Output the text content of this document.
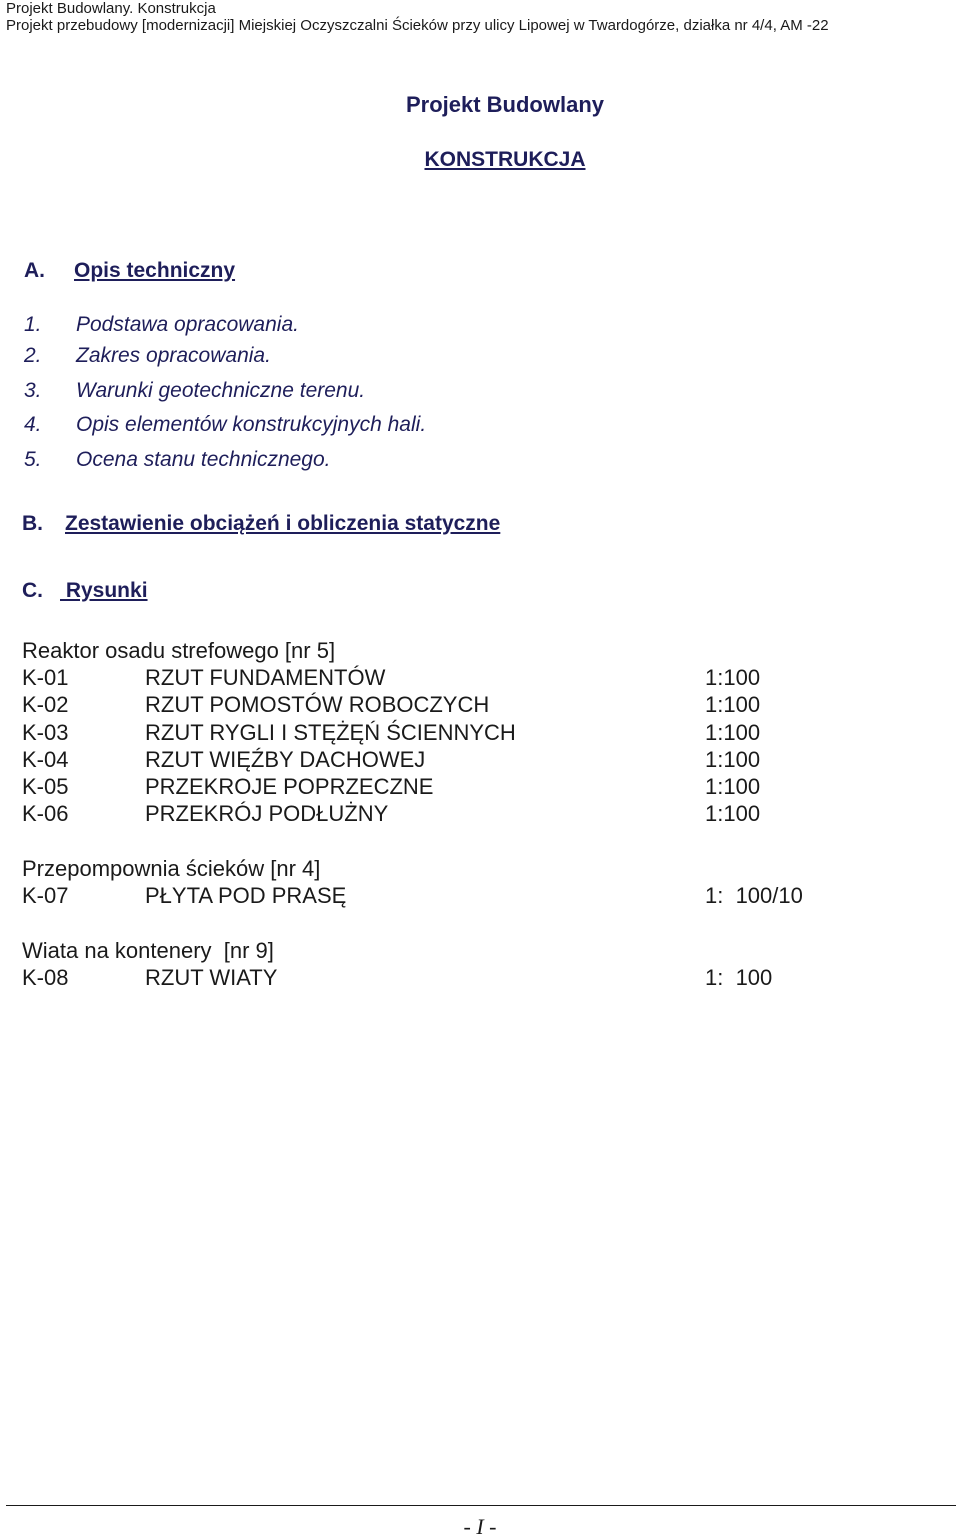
Projekt Budowlany. Konstrukcja
Projekt przebudowy [modernizacji] Miejskiej Oczyszczalni Ścieków przy ulicy Lipowej w Twardogórze, działka nr 4/4, AM -22
Projekt Budowlany
KONSTRUKCJA
A. Opis techniczny
1. Podstawa opracowania.
2. Zakres opracowania.
3. Warunki geotechniczne terenu.
4. Opis elementów konstrukcyjnych hali.
5. Ocena stanu technicznego.
B. Zestawienie obciążeń i obliczenia statyczne
C. Rysunki
Reaktor osadu strefowego [nr 5]
K-01	RZUT FUNDAMENTÓW	1:100
K-02	RZUT POMOSTÓW ROBOCZYCH	1:100
K-03	RZUT RYGLI I STĘŻĘŃ ŚCIENNYCH	1:100
K-04	RZUT WIĘŹBY DACHOWEJ	1:100
K-05	PRZEKROJE POPRZECZNE	1:100
K-06	PRZEKRÓJ PODŁUŻNY	1:100
Przepompownia ścieków [nr 4]
K-07	PŁYTA POD PRASĘ	1:  100/10
Wiata na kontenery  [nr 9]
K-08	RZUT WIATY	1:  100
- I -
